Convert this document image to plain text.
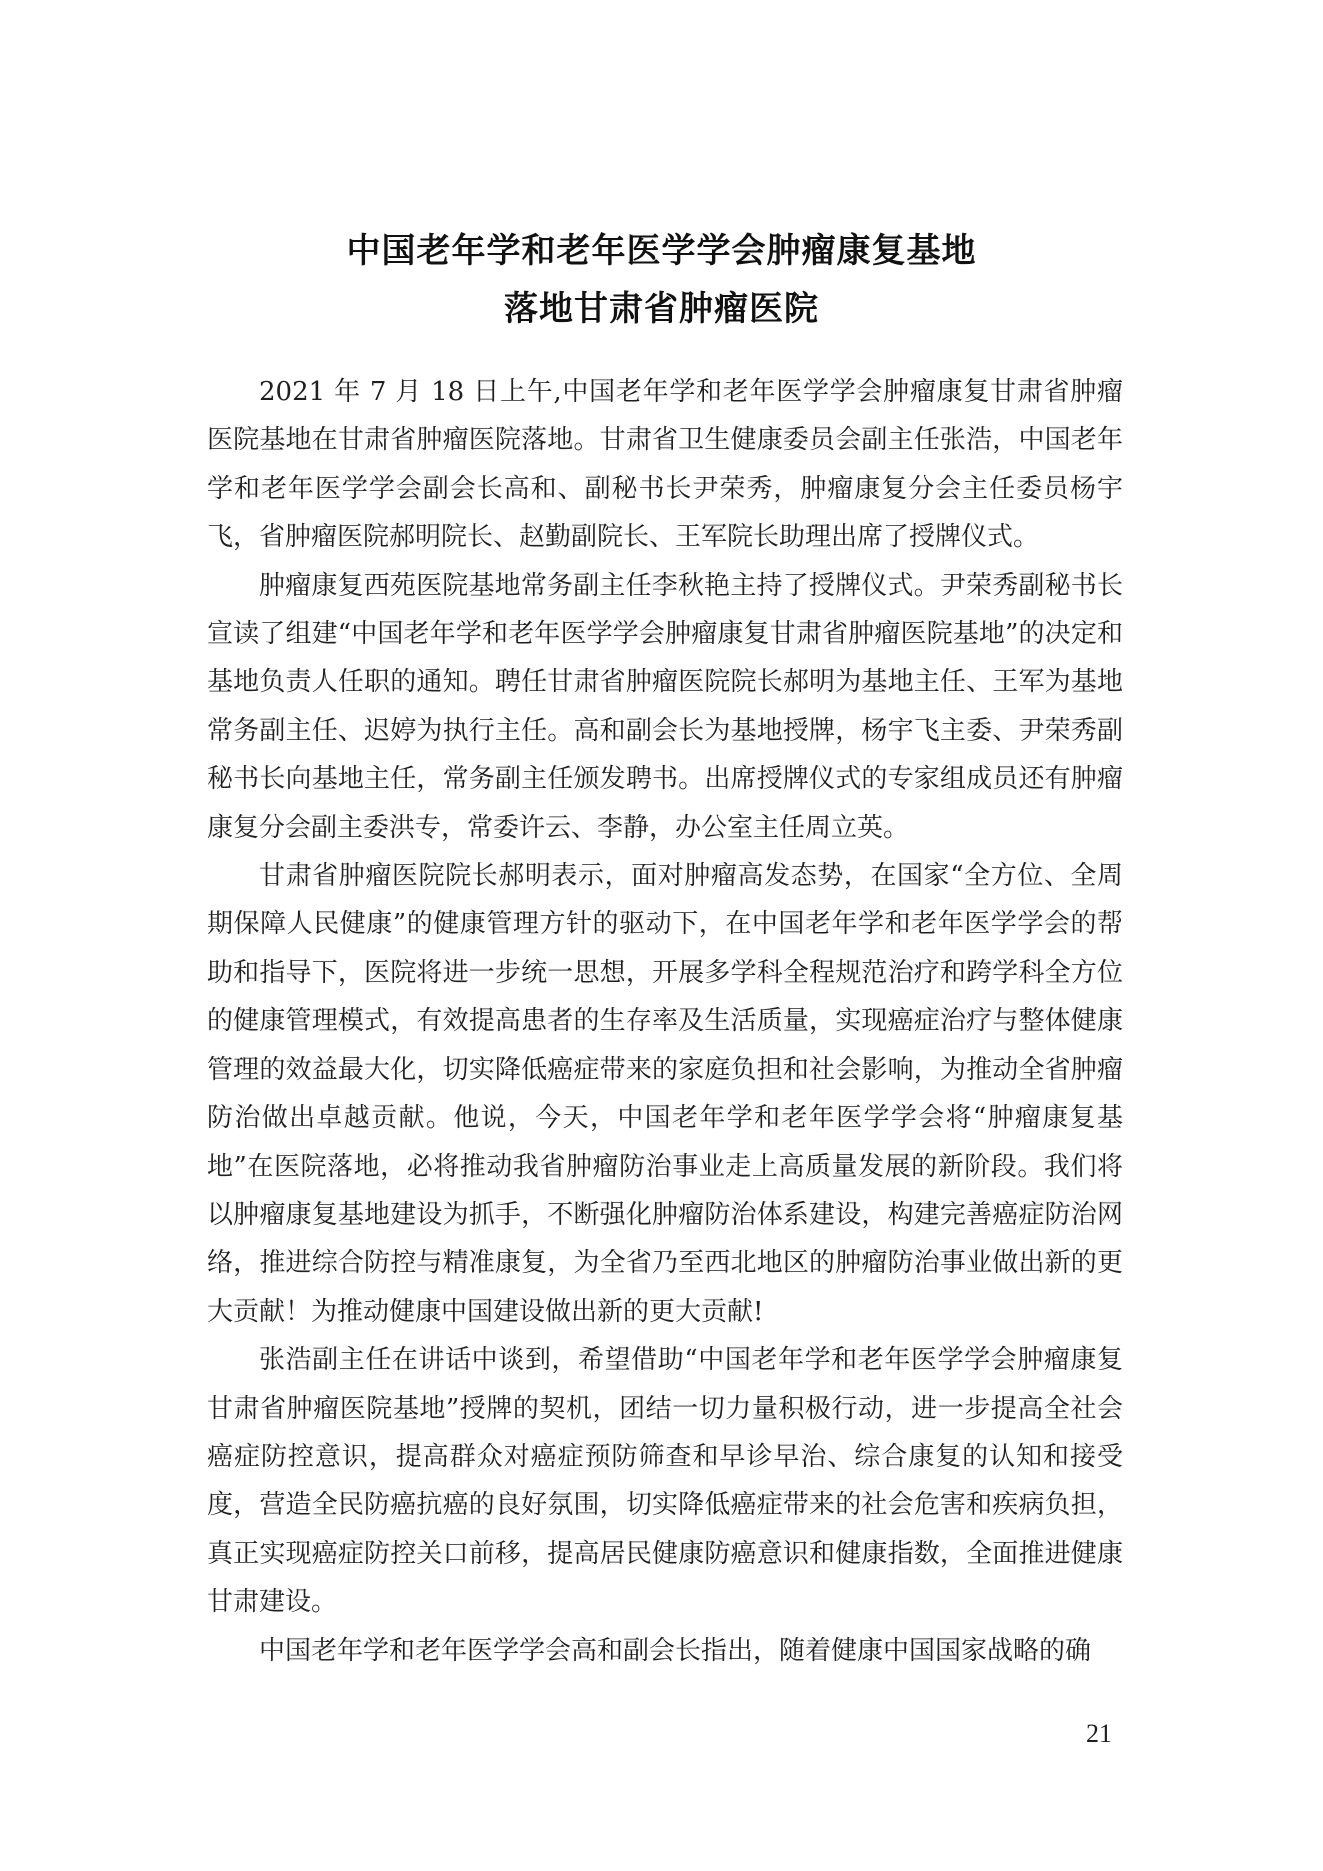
中国老年学和老年医学学会肿瘤康复基地
落地甘肃省肿瘤医院

2021 年 7 月 18 日上午,中国老年学和老年医学学会肿瘤康复甘肃省肿瘤医院基地在甘肃省肿瘤医院落地。甘肃省卫生健康委员会副主任张浩，中国老年学和老年医学学会副会长高和、副秘书长尹荣秀，肿瘤康复分会主任委员杨宇飞，省肿瘤医院郝明院长、赵勤副院长、王军院长助理出席了授牌仪式。

肿瘤康复西苑医院基地常务副主任李秋艳主持了授牌仪式。尹荣秀副秘书长宣读了组建“中国老年学和老年医学学会肿瘤康复甘肃省肿瘤医院基地”的决定和基地负责人任职的通知。聘任甘肃省肿瘤医院院长郝明为基地主任、王军为基地常务副主任、迟婷为执行主任。高和副会长为基地授牌，杨宇飞主委、尹荣秀副秘书长向基地主任，常务副主任颁发聘书。出席授牌仪式的专家组成员还有肿瘤康复分会副主委洪专，常委许云、李静，办公室主任周立英。

甘肃省肿瘤医院院长郝明表示，面对肿瘤高发态势，在国家“全方位、全周期保障人民健康”的健康管理方针的驱动下，在中国老年学和老年医学学会的帮助和指导下，医院将进一步统一思想，开展多学科全程规范治疗和跨学科全方位的健康管理模式，有效提高患者的生存率及生活质量，实现癌症治疗与整体健康管理的效益最大化，切实降低癌症带来的家庭负担和社会影响，为推动全省肿瘤防治做出卓越贡献。他说，今天，中国老年学和老年医学学会将“肿瘤康复基地”在医院落地，必将推动我省肿瘤防治事业走上高质量发展的新阶段。我们将以肿瘤康复基地建设为抓手，不断强化肿瘤防治体系建设，构建完善癌症防治网络，推进综合防控与精准康复，为全省乃至西北地区的肿瘤防治事业做出新的更大贡献！为推动健康中国建设做出新的更大贡献!

张浩副主任在讲话中谈到，希望借助“中国老年学和老年医学学会肿瘤康复甘肃省肿瘤医院基地”授牌的契机，团结一切力量积极行动，进一步提高全社会癌症防控意识，提高群众对癌症预防筛查和早诊早治、综合康复的认知和接受度，营造全民防癌抗癌的良好氛围，切实降低癌症带来的社会危害和疾病负担，真正实现癌症防控关口前移，提高居民健康防癌意识和健康指数，全面推进健康甘肃建设。

中国老年学和老年医学学会高和副会长指出，随着健康中国国家战略的确

21
